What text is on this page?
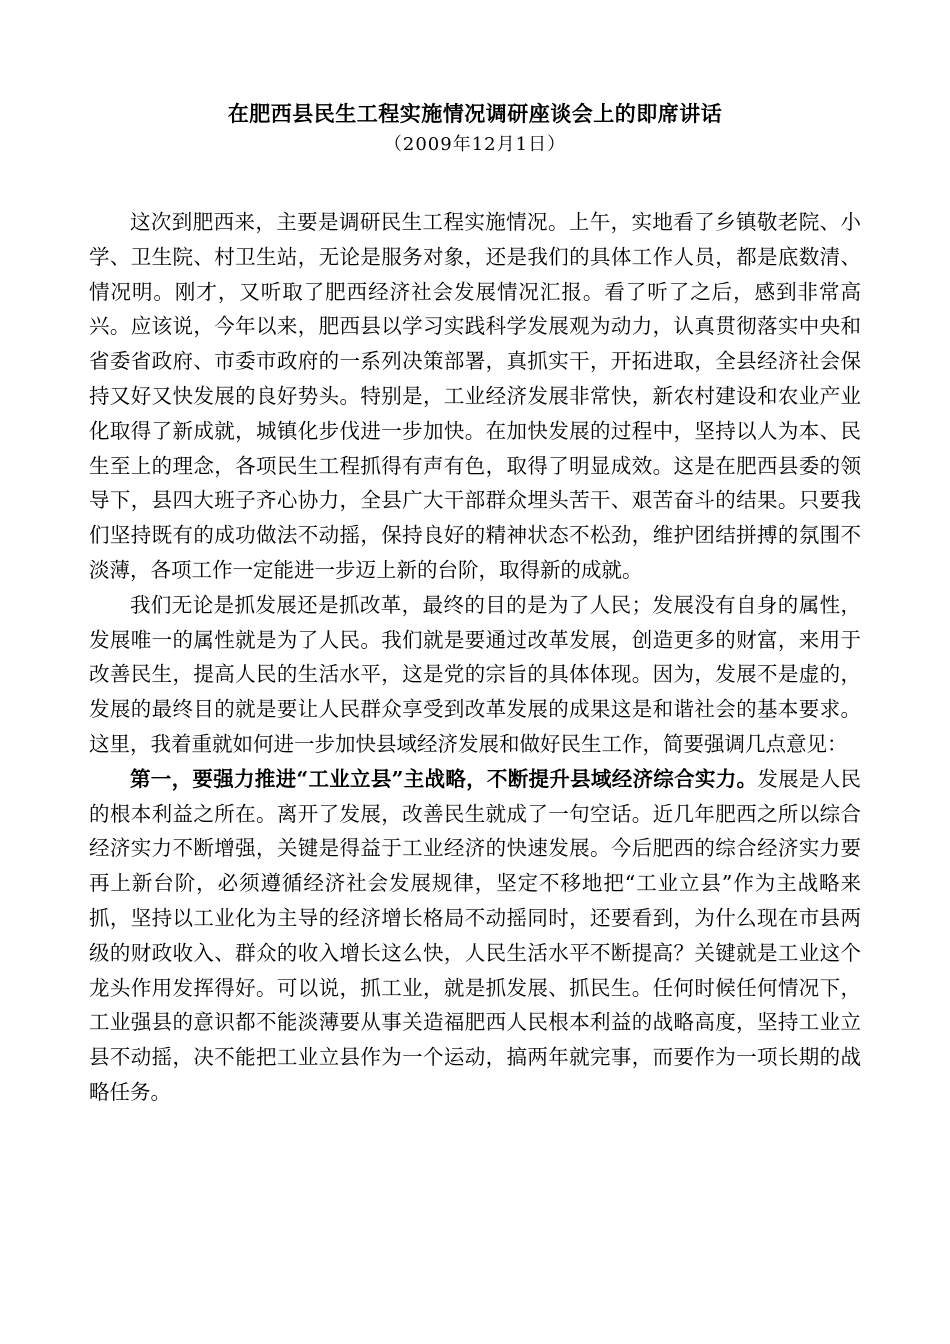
在肥西县民生工程实施情况调研座谈会上的即席讲话
（2009年12月1日）

这次到肥西来，主要是调研民生工程实施情况。上午，实地看了乡镇敬老院、小学、卫生院、村卫生站，无论是服务对象，还是我们的具体工作人员，都是底数清、情况明。刚才，又听取了肥西经济社会发展情况汇报。看了听了之后，感到非常高兴。应该说，今年以来，肥西县以学习实践科学发展观为动力，认真贯彻落实中央和省委省政府、市委市政府的一系列决策部署，真抓实干，开拓进取，全县经济社会保持又好又快发展的良好势头。特别是，工业经济发展非常快，新农村建设和农业产业化取得了新成就，城镇化步伐进一步加快。在加快发展的过程中，坚持以人为本、民生至上的理念，各项民生工程抓得有声有色，取得了明显成效。这是在肥西县委的领导下，县四大班子齐心协力，全县广大干部群众埋头苦干、艰苦奋斗的结果。只要我们坚持既有的成功做法不动摇，保持良好的精神状态不松劲，维护团结拼搏的氛围不淡薄，各项工作一定能进一步迈上新的台阶，取得新的成就。

我们无论是抓发展还是抓改革，最终的目的是为了人民；发展没有自身的属性，发展唯一的属性就是为了人民。我们就是要通过改革发展，创造更多的财富，来用于改善民生，提高人民的生活水平，这是党的宗旨的具体体现。因为，发展不是虚的，发展的最终目的就是要让人民群众享受到改革发展的成果这是和谐社会的基本要求。这里，我着重就如何进一步加快县域经济发展和做好民生工作，简要强调几点意见：

第一，要强力推进“工业立县”主战略，不断提升县域经济综合实力。发展是人民的根本利益之所在。离开了发展，改善民生就成了一句空话。近几年肥西之所以综合经济实力不断增强，关键是得益于工业经济的快速发展。今后肥西的综合经济实力要再上新台阶，必须遵循经济社会发展规律，坚定不移地把“工业立县”作为主战略来抓，坚持以工业化为主导的经济增长格局不动摇同时，还要看到，为什么现在市县两级的财政收入、群众的收入增长这么快，人民生活水平不断提高？关键就是工业这个龙头作用发挥得好。可以说，抓工业，就是抓发展、抓民生。任何时候任何情况下，工业强县的意识都不能淡薄要从事关造福肥西人民根本利益的战略高度，坚持工业立县不动摇，决不能把工业立县作为一个运动，搞两年就完事，而要作为一项长期的战略任务。
